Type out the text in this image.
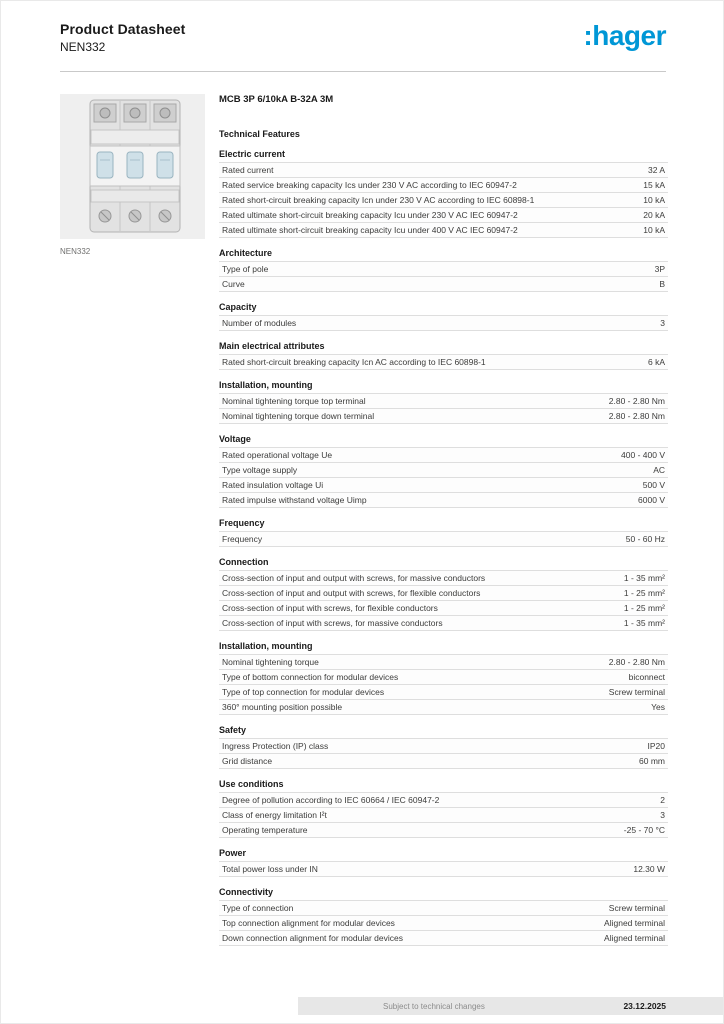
Product Datasheet
NEN332	:hager
NEN332
MCB 3P 6/10kA B-32A 3M
Technical Features
Electric current
Rated current	32 A
Rated service breaking capacity Ics under 230 V AC according to IEC 60947-2	15 kA
Rated short-circuit breaking capacity Icn under 230 V AC according to IEC 60898-1	10 kA
Rated ultimate short-circuit breaking capacity Icu under 230 V AC IEC 60947-2	20 kA
Rated ultimate short-circuit breaking capacity Icu under 400 V AC IEC 60947-2	10 kA
Architecture
Type of pole	3P
Curve	B
Capacity
Number of modules	3
Main electrical attributes
Rated short-circuit breaking capacity Icn AC according to IEC 60898-1	6 kA
Installation, mounting
Nominal tightening torque top terminal	2.80 - 2.80 Nm
Nominal tightening torque down terminal	2.80 - 2.80 Nm
Voltage
Rated operational voltage Ue	400 - 400 V
Type voltage supply	AC
Rated insulation voltage Ui	500 V
Rated impulse withstand voltage Uimp	6000 V
Frequency
Frequency	50 - 60 Hz
Connection
Cross-section of input and output with screws, for massive conductors	1 - 35 mm²
Cross-section of input and output with screws, for flexible conductors	1 - 25 mm²
Cross-section of input with screws, for flexible conductors	1 - 25 mm²
Cross-section of input with screws, for massive conductors	1 - 35 mm²
Installation, mounting
Nominal tightening torque	2.80 - 2.80 Nm
Type of bottom connection for modular devices	biconnect
Type of top connection for modular devices	Screw terminal
360° mounting position possible	Yes
Safety
Ingress Protection (IP) class	IP20
Grid distance	60 mm
Use conditions
Degree of pollution according to IEC 60664 / IEC 60947-2	2
Class of energy limitation I²t	3
Operating temperature	-25 - 70 °C
Power
Total power loss under IN	12.30 W
Connectivity
Type of connection	Screw terminal
Top connection alignment for modular devices	Aligned terminal
Down connection alignment for modular devices	Aligned terminal
Subject to technical changes	23.12.2025
